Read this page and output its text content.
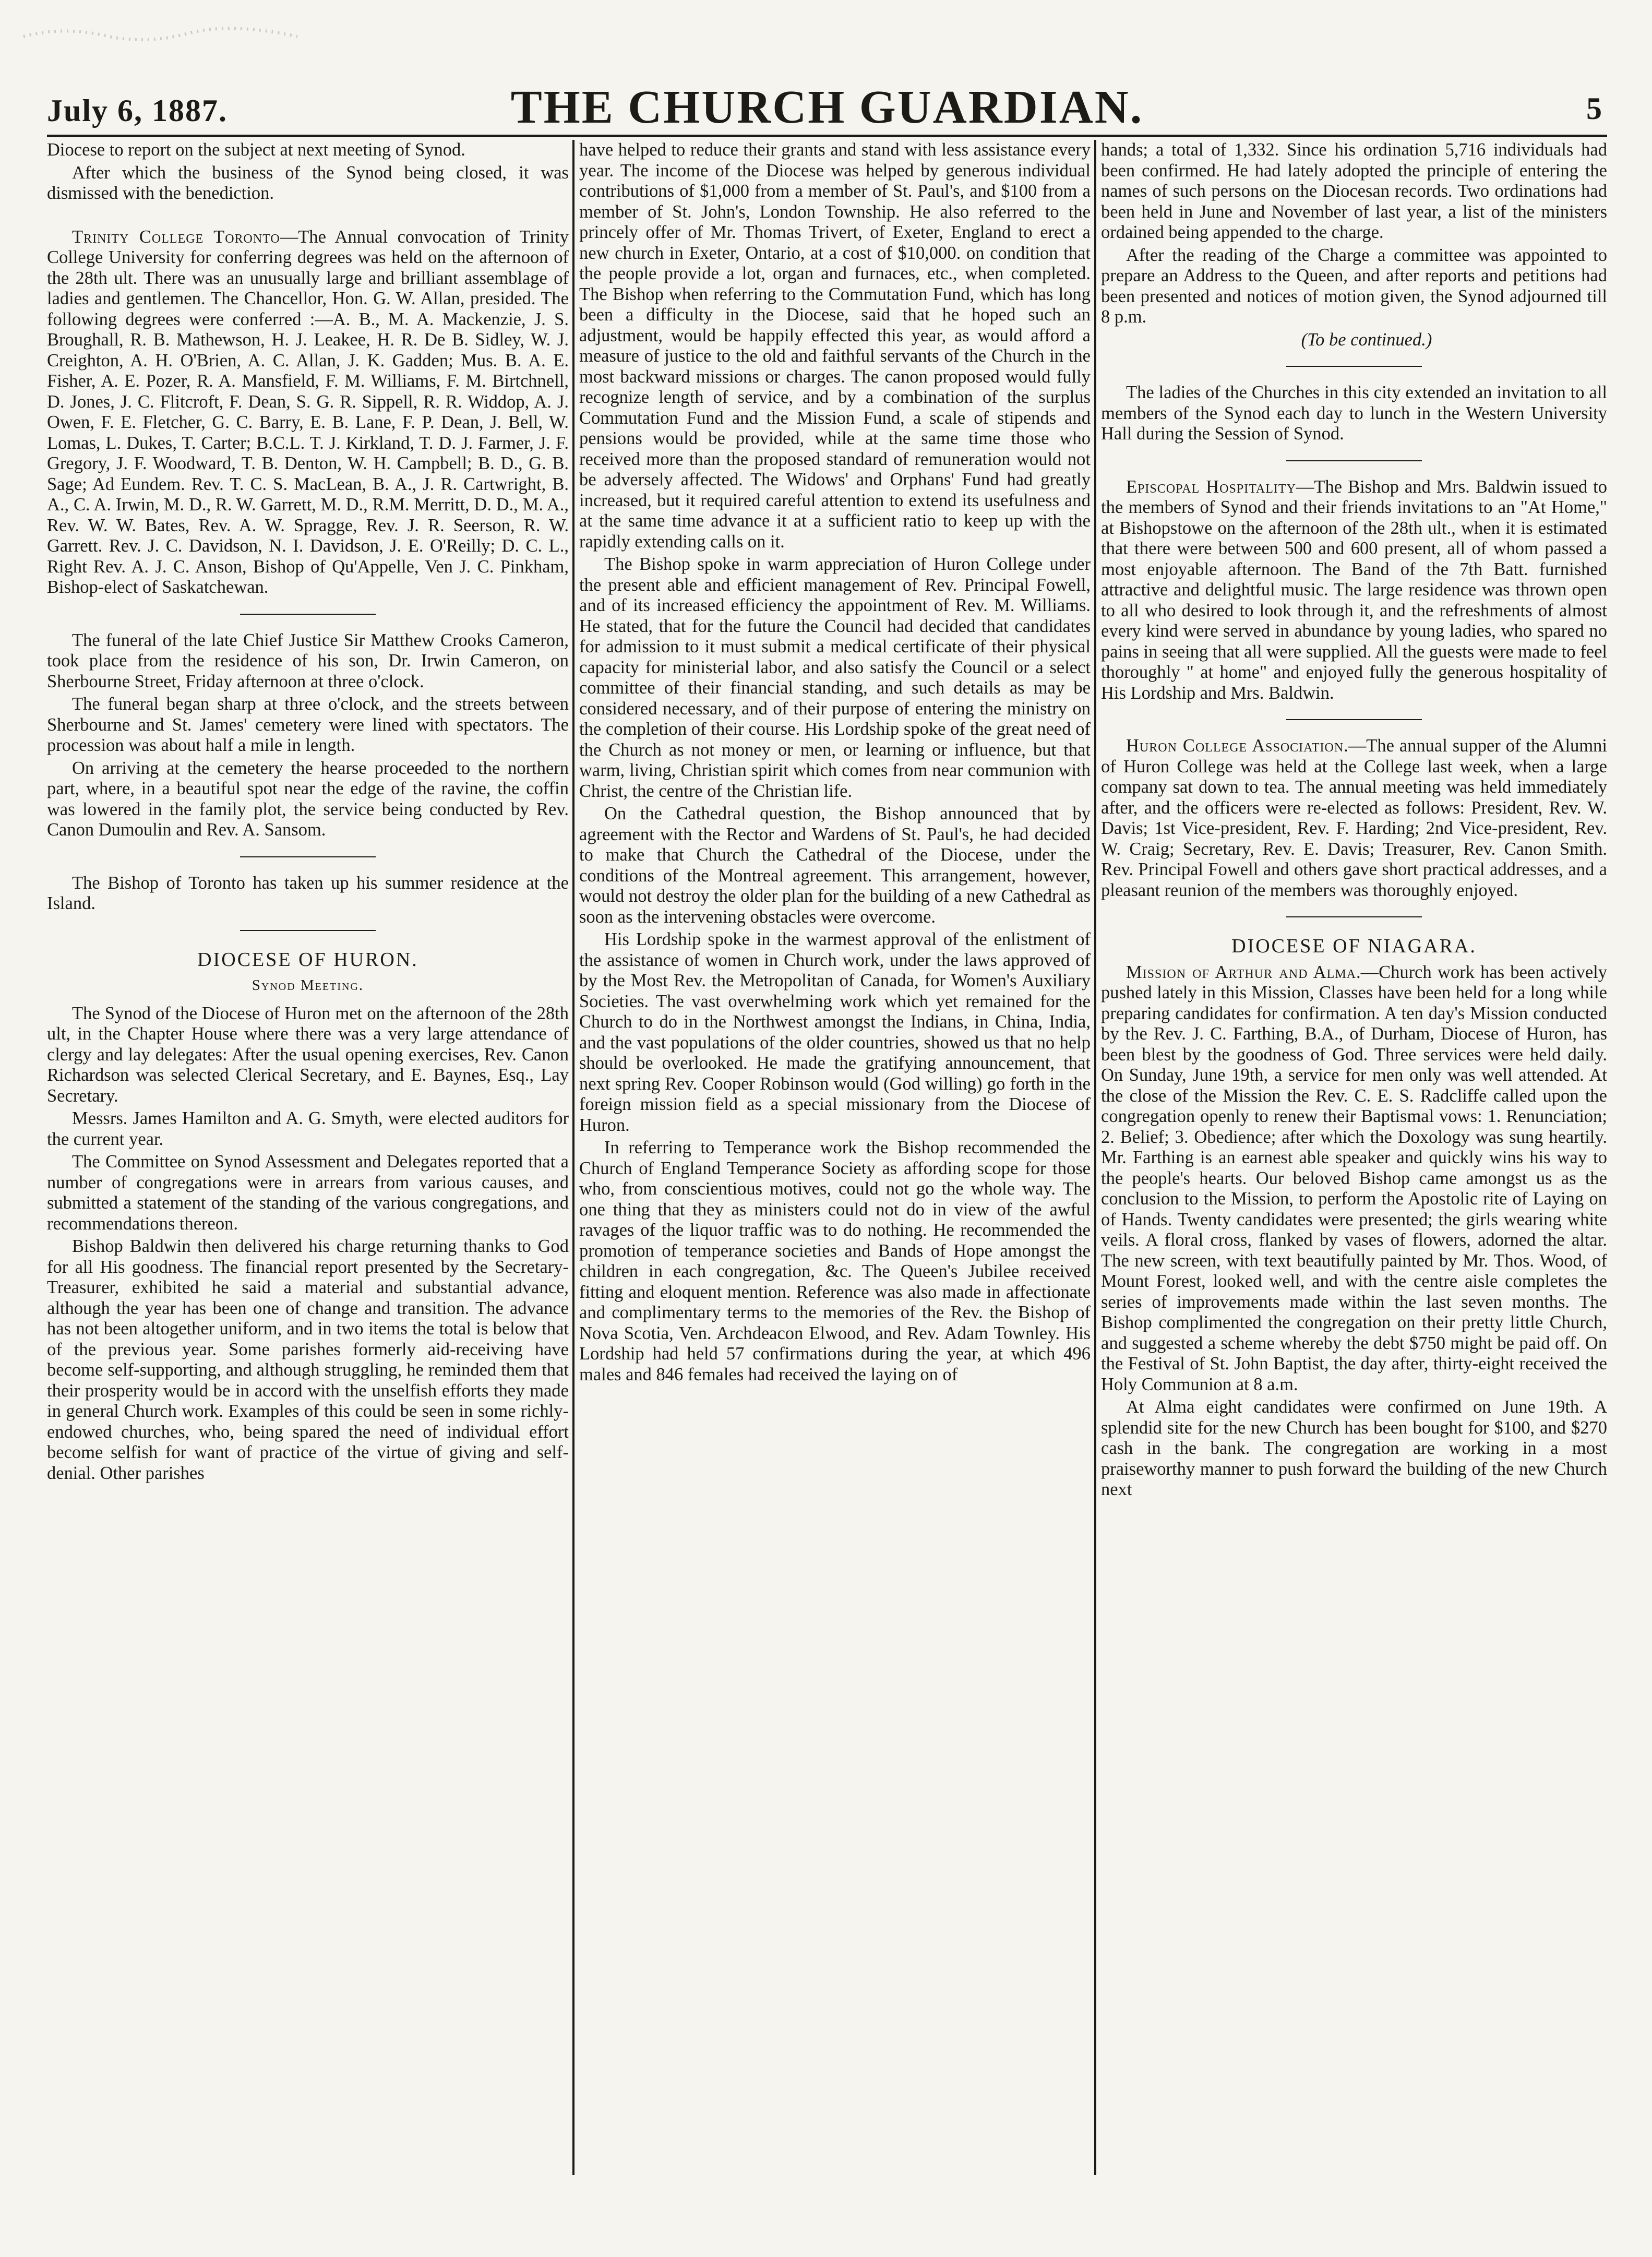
July 6, 1887.	THE CHURCH GUARDIAN.	5

Diocese to report on the subject at next meeting of Synod.

After which the business of the Synod being closed, it was dismissed with the benediction.

Trinity College Toronto—The Annual convocation of Trinity College University for conferring degrees was held on the afternoon of the 28th ult. There was an unusually large and brilliant assemblage of ladies and gentlemen. The Chancellor, Hon. G. W. Allan, presided. The following degrees were conferred :—A. B., M. A. Mackenzie, J. S. Broughall, R. B. Mathewson, H. J. Leakee, H. R. De B. Sidley, W. J. Creighton, A. H. O'Brien, A. C. Allan, J. K. Gadden; Mus. B. A. E. Fisher, A. E. Pozer, R. A. Mansfield, F. M. Williams, F. M. Birtchnell, D. Jones, J. C. Flitcroft, F. Dean, S. G. R. Sippell, R. R. Widdop, A. J. Owen, F. E. Fletcher, G. C. Barry, E. B. Lane, F. P. Dean, J. Bell, W. Lomas, L. Dukes, T. Carter; B.C.L. T. J. Kirkland, T. D. J. Farmer, J. F. Gregory, J. F. Woodward, T. B. Denton, W. H. Campbell; B. D., G. B. Sage; Ad Eundem. Rev. T. C. S. MacLean, B. A., J. R. Cartwright, B. A., C. A. Irwin, M. D., R. W. Garrett, M. D., R.M. Merritt, D. D., M. A., Rev. W. W. Bates, Rev. A. W. Spragge, Rev. J. R. Seerson, R. W. Garrett. Rev. J. C. Davidson, N. I. Davidson, J. E. O'Reilly; D. C. L., Right Rev. A. J. C. Anson, Bishop of Qu'Appelle, Ven J. C. Pinkham, Bishop-elect of Saskatchewan.

The funeral of the late Chief Justice Sir Matthew Crooks Cameron, took place from the residence of his son, Dr. Irwin Cameron, on Sherbourne Street, Friday afternoon at three o'clock.

The funeral began sharp at three o'clock, and the streets between Sherbourne and St. James' cemetery were lined with spectators. The procession was about half a mile in length.

On arriving at the cemetery the hearse proceeded to the northern part, where, in a beautiful spot near the edge of the ravine, the coffin was lowered in the family plot, the service being conducted by Rev. Canon Dumoulin and Rev. A. Sansom.

The Bishop of Toronto has taken up his summer residence at the Island.

DIOCESE OF HURON.

Synod Meeting.

The Synod of the Diocese of Huron met on the afternoon of the 28th ult, in the Chapter House where there was a very large attendance of clergy and lay delegates: After the usual opening exercises, Rev. Canon Richardson was selected Clerical Secretary, and E. Baynes, Esq., Lay Secretary.

Messrs. James Hamilton and A. G. Smyth, were elected auditors for the current year.

The Committee on Synod Assessment and Delegates reported that a number of congregations were in arrears from various causes, and submitted a statement of the standing of the various congregations, and recommendations thereon.

Bishop Baldwin then delivered his charge returning thanks to God for all His goodness. The financial report presented by the Secretary-Treasurer, exhibited he said a material and substantial advance, although the year has been one of change and transition. The advance has not been altogether uniform, and in two items the total is below that of the previous year. Some parishes formerly aid-receiving have become self-supporting, and although struggling, he reminded them that their prosperity would be in accord with the unselfish efforts they made in general Church work. Examples of this could be seen in some richly-endowed churches, who, being spared the need of individual effort become selfish for want of practice of the virtue of giving and self-denial. Other parishes

have helped to reduce their grants and stand with less assistance every year. The income of the Diocese was helped by generous individual contributions of $1,000 from a member of St. Paul's, and $100 from a member of St. John's, London Township. He also referred to the princely offer of Mr. Thomas Trivert, of Exeter, England to erect a new church in Exeter, Ontario, at a cost of $10,000. on condition that the people provide a lot, organ and furnaces, etc., when completed. The Bishop when referring to the Commutation Fund, which has long been a difficulty in the Diocese, said that he hoped such an adjustment, would be happily effected this year, as would afford a measure of justice to the old and faithful servants of the Church in the most backward missions or charges. The canon proposed would fully recognize length of service, and by a combination of the surplus Commutation Fund and the Mission Fund, a scale of stipends and pensions would be provided, while at the same time those who received more than the proposed standard of remuneration would not be adversely affected. The Widows' and Orphans' Fund had greatly increased, but it required careful attention to extend its usefulness and at the same time advance it at a sufficient ratio to keep up with the rapidly extending calls on it.

The Bishop spoke in warm appreciation of Huron College under the present able and efficient management of Rev. Principal Fowell, and of its increased efficiency the appointment of Rev. M. Williams. He stated, that for the future the Council had decided that candidates for admission to it must submit a medical certificate of their physical capacity for ministerial labor, and also satisfy the Council or a select committee of their financial standing, and such details as may be considered necessary, and of their purpose of entering the ministry on the completion of their course. His Lordship spoke of the great need of the Church as not money or men, or learning or influence, but that warm, living, Christian spirit which comes from near communion with Christ, the centre of the Christian life.

On the Cathedral question, the Bishop announced that by agreement with the Rector and Wardens of St. Paul's, he had decided to make that Church the Cathedral of the Diocese, under the conditions of the Montreal agreement. This arrangement, however, would not destroy the older plan for the building of a new Cathedral as soon as the intervening obstacles were overcome.

His Lordship spoke in the warmest approval of the enlistment of the assistance of women in Church work, under the laws approved of by the Most Rev. the Metropolitan of Canada, for Women's Auxiliary Societies. The vast overwhelming work which yet remained for the Church to do in the Northwest amongst the Indians, in China, India, and the vast populations of the older countries, showed us that no help should be overlooked. He made the gratifying announcement, that next spring Rev. Cooper Robinson would (God willing) go forth in the foreign mission field as a special missionary from the Diocese of Huron.

In referring to Temperance work the Bishop recommended the Church of England Temperance Society as affording scope for those who, from conscientious motives, could not go the whole way. The one thing that they as ministers could not do in view of the awful ravages of the liquor traffic was to do nothing. He recommended the promotion of temperance societies and Bands of Hope amongst the children in each congregation, &c. The Queen's Jubilee received fitting and eloquent mention. Reference was also made in affectionate and complimentary terms to the memories of the Rev. the Bishop of Nova Scotia, Ven. Archdeacon Elwood, and Rev. Adam Townley. His Lordship had held 57 confirmations during the year, at which 496 males and 846 females had received the laying on of

hands; a total of 1,332. Since his ordination 5,716 individuals had been confirmed. He had lately adopted the principle of entering the names of such persons on the Diocesan records. Two ordinations had been held in June and November of last year, a list of the ministers ordained being appended to the charge.

After the reading of the Charge a committee was appointed to prepare an Address to the Queen, and after reports and petitions had been presented and notices of motion given, the Synod adjourned till 8 p.m.

(To be continued.)

The ladies of the Churches in this city extended an invitation to all members of the Synod each day to lunch in the Western University Hall during the Session of Synod.

Episcopal Hospitality—The Bishop and Mrs. Baldwin issued to the members of Synod and their friends invitations to an "At Home," at Bishopstowe on the afternoon of the 28th ult., when it is estimated that there were between 500 and 600 present, all of whom passed a most enjoyable afternoon. The Band of the 7th Batt. furnished attractive and delightful music. The large residence was thrown open to all who desired to look through it, and the refreshments of almost every kind were served in abundance by young ladies, who spared no pains in seeing that all were supplied. All the guests were made to feel thoroughly " at home" and enjoyed fully the generous hospitality of His Lordship and Mrs. Baldwin.

Huron College Association.—The annual supper of the Alumni of Huron College was held at the College last week, when a large company sat down to tea. The annual meeting was held immediately after, and the officers were re-elected as follows: President, Rev. W. Davis; 1st Vice-president, Rev. F. Harding; 2nd Vice-president, Rev. W. Craig; Secretary, Rev. E. Davis; Treasurer, Rev. Canon Smith. Rev. Principal Fowell and others gave short practical addresses, and a pleasant reunion of the members was thoroughly enjoyed.

DIOCESE OF NIAGARA.

Mission of Arthur and Alma.—Church work has been actively pushed lately in this Mission, Classes have been held for a long while preparing candidates for confirmation. A ten day's Mission conducted by the Rev. J. C. Farthing, B.A., of Durham, Diocese of Huron, has been blest by the goodness of God. Three services were held daily. On Sunday, June 19th, a service for men only was well attended. At the close of the Mission the Rev. C. E. S. Radcliffe called upon the congregation openly to renew their Baptismal vows: 1. Renunciation; 2. Belief; 3. Obedience; after which the Doxology was sung heartily. Mr. Farthing is an earnest able speaker and quickly wins his way to the people's hearts. Our beloved Bishop came amongst us as the conclusion to the Mission, to perform the Apostolic rite of Laying on of Hands. Twenty candidates were presented; the girls wearing white veils. A floral cross, flanked by vases of flowers, adorned the altar. The new screen, with text beautifully painted by Mr. Thos. Wood, of Mount Forest, looked well, and with the centre aisle completes the series of improvements made within the last seven months. The Bishop complimented the congregation on their pretty little Church, and suggested a scheme whereby the debt $750 might be paid off. On the Festival of St. John Baptist, the day after, thirty-eight received the Holy Communion at 8 a.m.

At Alma eight candidates were confirmed on June 19th. A splendid site for the new Church has been bought for $100, and $270 cash in the bank. The congregation are working in a most praiseworthy manner to push forward the building of the new Church next
